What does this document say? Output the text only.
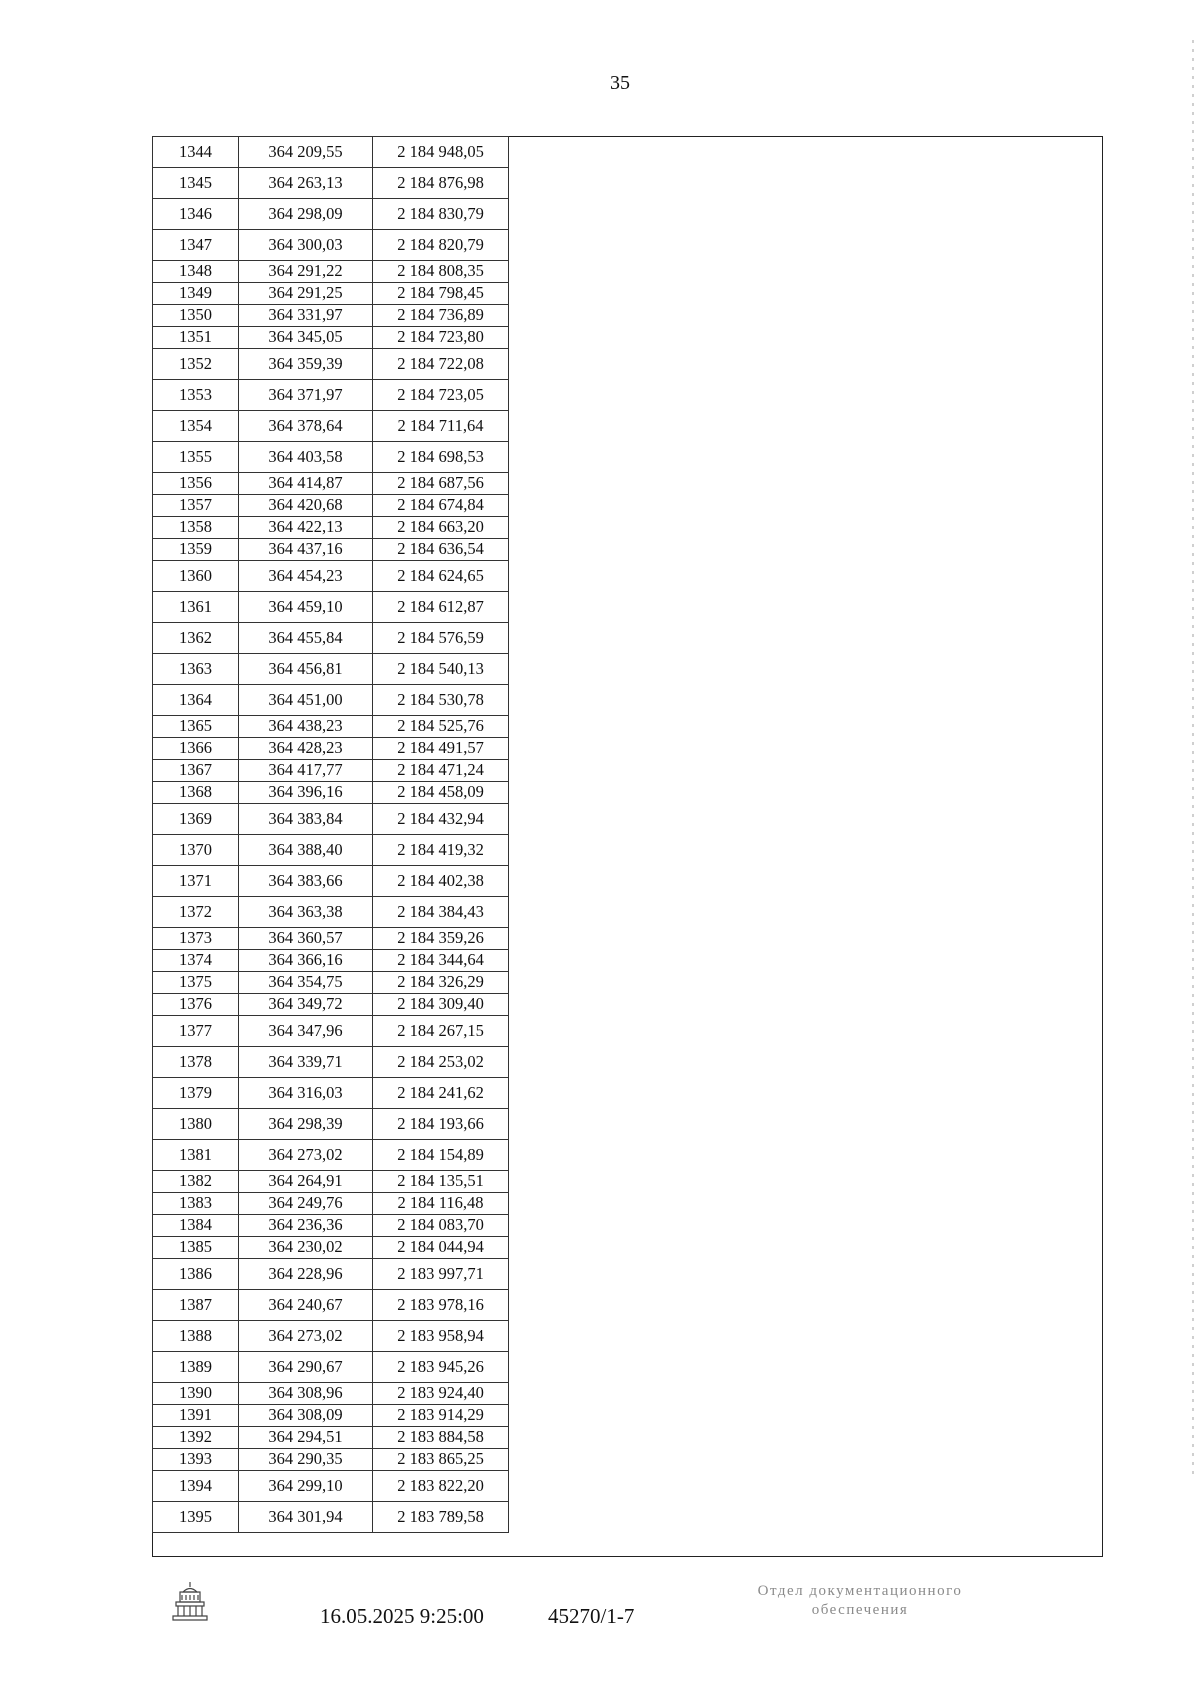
35
1344	364 209,55	2 184 948,05
1345	364 263,13	2 184 876,98
1346	364 298,09	2 184 830,79
1347	364 300,03	2 184 820,79
1348	364 291,22	2 184 808,35
1349	364 291,25	2 184 798,45
1350	364 331,97	2 184 736,89
1351	364 345,05	2 184 723,80
1352	364 359,39	2 184 722,08
1353	364 371,97	2 184 723,05
1354	364 378,64	2 184 711,64
1355	364 403,58	2 184 698,53
1356	364 414,87	2 184 687,56
1357	364 420,68	2 184 674,84
1358	364 422,13	2 184 663,20
1359	364 437,16	2 184 636,54
1360	364 454,23	2 184 624,65
1361	364 459,10	2 184 612,87
1362	364 455,84	2 184 576,59
1363	364 456,81	2 184 540,13
1364	364 451,00	2 184 530,78
1365	364 438,23	2 184 525,76
1366	364 428,23	2 184 491,57
1367	364 417,77	2 184 471,24
1368	364 396,16	2 184 458,09
1369	364 383,84	2 184 432,94
1370	364 388,40	2 184 419,32
1371	364 383,66	2 184 402,38
1372	364 363,38	2 184 384,43
1373	364 360,57	2 184 359,26
1374	364 366,16	2 184 344,64
1375	364 354,75	2 184 326,29
1376	364 349,72	2 184 309,40
1377	364 347,96	2 184 267,15
1378	364 339,71	2 184 253,02
1379	364 316,03	2 184 241,62
1380	364 298,39	2 184 193,66
1381	364 273,02	2 184 154,89
1382	364 264,91	2 184 135,51
1383	364 249,76	2 184 116,48
1384	364 236,36	2 184 083,70
1385	364 230,02	2 184 044,94
1386	364 228,96	2 183 997,71
1387	364 240,67	2 183 978,16
1388	364 273,02	2 183 958,94
1389	364 290,67	2 183 945,26
1390	364 308,96	2 183 924,40
1391	364 308,09	2 183 914,29
1392	364 294,51	2 183 884,58
1393	364 290,35	2 183 865,25
1394	364 299,10	2 183 822,20
1395	364 301,94	2 183 789,58
16.05.2025 9:25:00	45270/1-7
Отдел документационного
обеспечения
